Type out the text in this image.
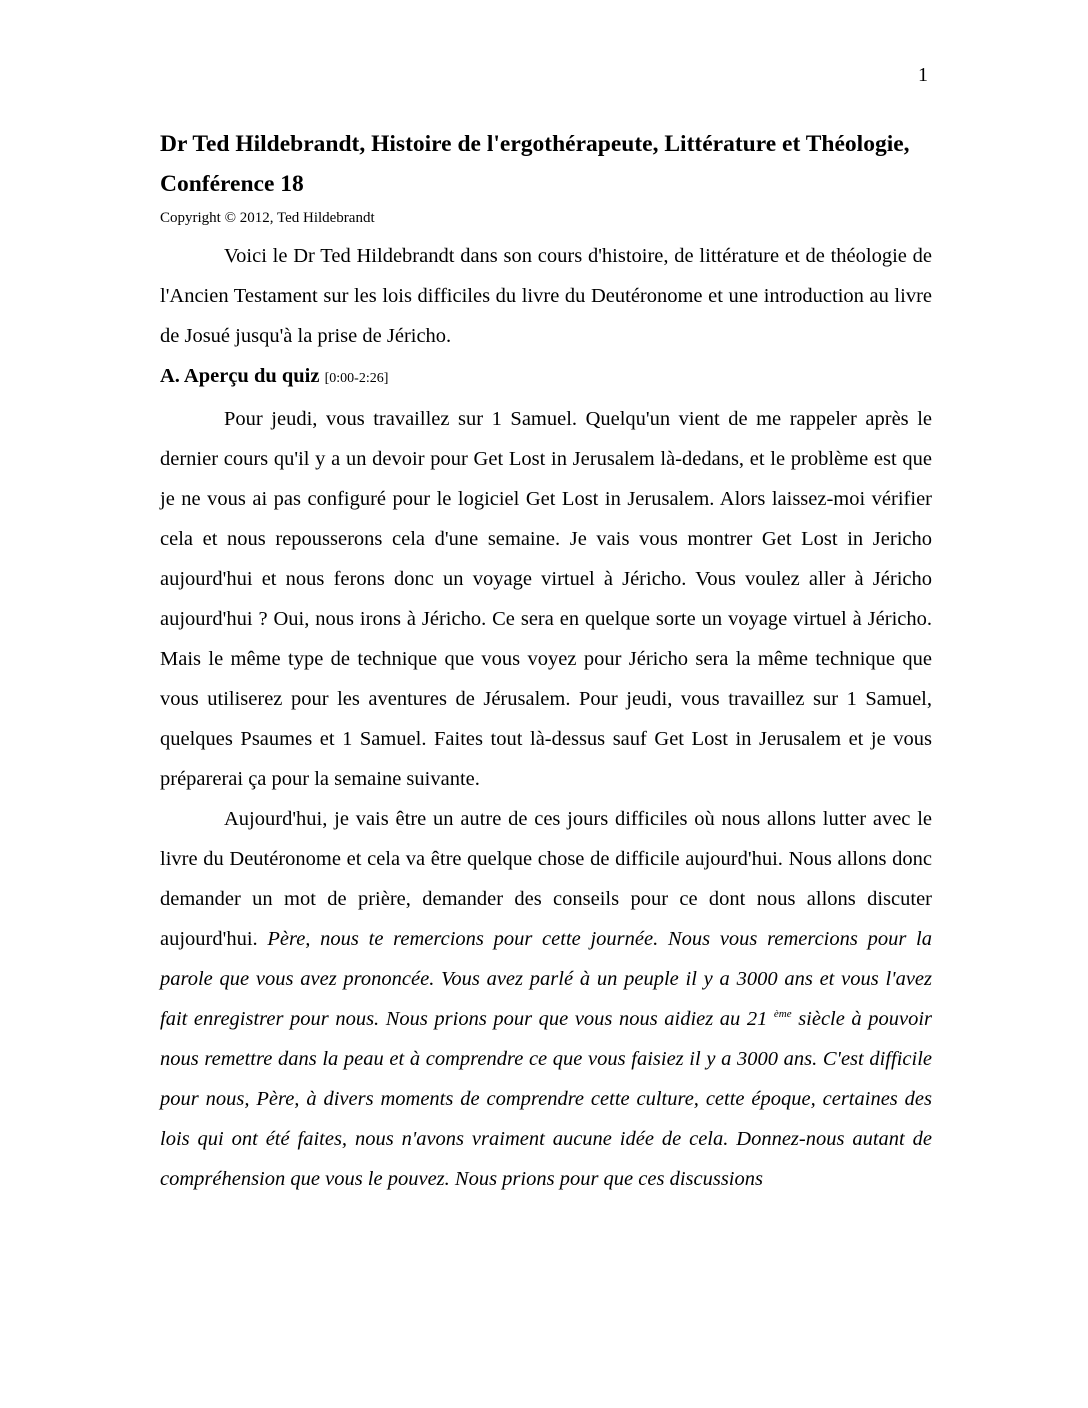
1
Dr Ted Hildebrandt, Histoire de l'ergothérapeute, Littérature et Théologie, Conférence 18

Copyright © 2012, Ted Hildebrandt

Voici le Dr Ted Hildebrandt dans son cours d'histoire, de littérature et de théologie de l'Ancien Testament sur les lois difficiles du livre du Deutéronome et une introduction au livre de Josué jusqu'à la prise de Jéricho.

A. Aperçu du quiz [0:00-2:26]

Pour jeudi, vous travaillez sur 1 Samuel. Quelqu'un vient de me rappeler après le dernier cours qu'il y a un devoir pour Get Lost in Jerusalem là-dedans, et le problème est que je ne vous ai pas configuré pour le logiciel Get Lost in Jerusalem. Alors laissez-moi vérifier cela et nous repousserons cela d'une semaine. Je vais vous montrer Get Lost in Jericho aujourd'hui et nous ferons donc un voyage virtuel à Jéricho. Vous voulez aller à Jéricho aujourd'hui ? Oui, nous irons à Jéricho. Ce sera en quelque sorte un voyage virtuel à Jéricho. Mais le même type de technique que vous voyez pour Jéricho sera la même technique que vous utiliserez pour les aventures de Jérusalem. Pour jeudi, vous travaillez sur 1 Samuel, quelques Psaumes et 1 Samuel. Faites tout là-dessus sauf Get Lost in Jerusalem et je vous préparerai ça pour la semaine suivante.

Aujourd'hui, je vais être un autre de ces jours difficiles où nous allons lutter avec le livre du Deutéronome et cela va être quelque chose de difficile aujourd'hui. Nous allons donc demander un mot de prière, demander des conseils pour ce dont nous allons discuter aujourd'hui. Père, nous te remercions pour cette journée. Nous vous remercions pour la parole que vous avez prononcée. Vous avez parlé à un peuple il y a 3000 ans et vous l'avez fait enregistrer pour nous. Nous prions pour que vous nous aidiez au 21 $^{ème}$ siècle à pouvoir nous remettre dans la peau et à comprendre ce que vous faisiez il y a 3000 ans. C'est difficile pour nous, Père, à divers moments de comprendre cette culture, cette époque, certaines des lois qui ont été faites, nous n'avons vraiment aucune idée de cela. Donnez-nous autant de compréhension que vous le pouvez. Nous prions pour que ces discussions
